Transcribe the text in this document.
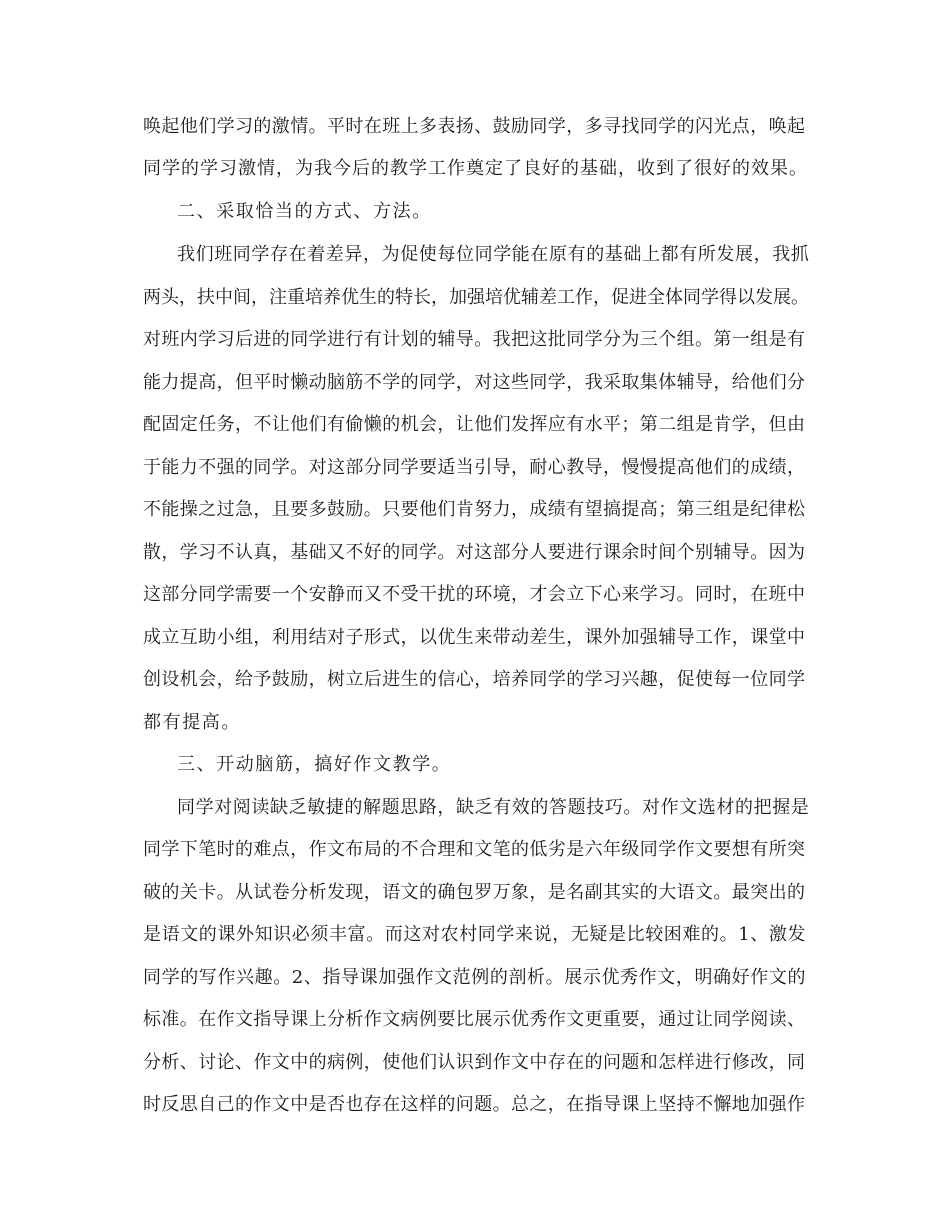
唤起他们学习的激情。平时在班上多表扬、鼓励同学，多寻找同学的闪光点，唤起
同学的学习激情，为我今后的教学工作奠定了良好的基础，收到了很好的效果。
二、采取恰当的方式、方法。
我们班同学存在着差异，为促使每位同学能在原有的基础上都有所发展，我抓
两头，扶中间，注重培养优生的特长，加强培优辅差工作，促进全体同学得以发展。
对班内学习后进的同学进行有计划的辅导。我把这批同学分为三个组。第一组是有
能力提高，但平时懒动脑筋不学的同学，对这些同学，我采取集体辅导，给他们分
配固定任务，不让他们有偷懒的机会，让他们发挥应有水平；第二组是肯学，但由
于能力不强的同学。对这部分同学要适当引导，耐心教导，慢慢提高他们的成绩，
不能操之过急，且要多鼓励。只要他们肯努力，成绩有望搞提高；第三组是纪律松
散，学习不认真，基础又不好的同学。对这部分人要进行课余时间个别辅导。因为
这部分同学需要一个安静而又不受干扰的环境，才会立下心来学习。同时，在班中
成立互助小组，利用结对子形式，以优生来带动差生，课外加强辅导工作，课堂中
创设机会，给予鼓励，树立后进生的信心，培养同学的学习兴趣，促使每一位同学
都有提高。
三、开动脑筋，搞好作文教学。
同学对阅读缺乏敏捷的解题思路，缺乏有效的答题技巧。对作文选材的把握是
同学下笔时的难点，作文布局的不合理和文笔的低劣是六年级同学作文要想有所突
破的关卡。从试卷分析发现，语文的确包罗万象，是名副其实的大语文。最突出的
是语文的课外知识必须丰富。而这对农村同学来说，无疑是比较困难的。1、激发
同学的写作兴趣。2、指导课加强作文范例的剖析。展示优秀作文，明确好作文的
标准。在作文指导课上分析作文病例要比展示优秀作文更重要，通过让同学阅读、
分析、讨论、作文中的病例，使他们认识到作文中存在的问题和怎样进行修改，同
时反思自己的作文中是否也存在这样的问题。总之，在指导课上坚持不懈地加强作
